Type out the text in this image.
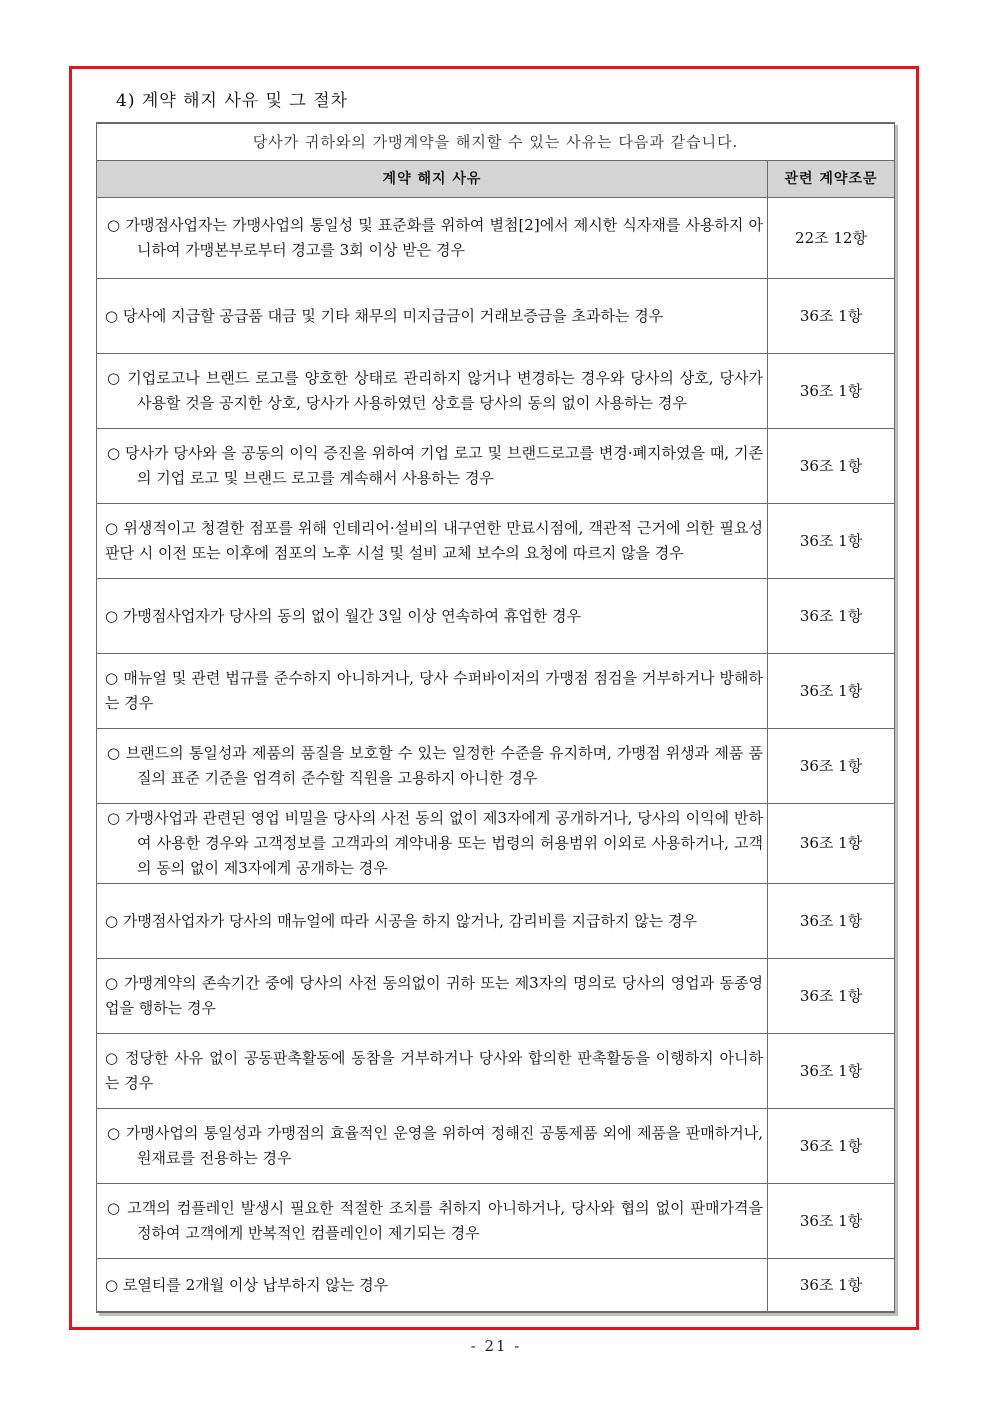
4) 계약 해지 사유 및 그 절차
당사가 귀하와의 가맹계약을 해지할 수 있는 사유는 다음과 같습니다.	
계약 해지 사유	관련 계약조문
○ 가맹점사업자는 가맹사업의 통일성 및 표준화를 위하여 별첨[2]에서 제시한 식자재를 사용하지 아니하여 가맹본부로부터 경고를 3회 이상 받은 경우	22조 12항
○ 당사에 지급할 공급품 대금 및 기타 채무의 미지급금이 거래보증금을 초과하는 경우	36조 1항
○ 기업로고나 브랜드 로고를 양호한 상태로 관리하지 않거나 변경하는 경우와 당사의 상호, 당사가 사용할 것을 공지한 상호, 당사가 사용하였던 상호를 당사의 동의 없이 사용하는 경우	36조 1항
○ 당사가 당사와 을 공동의 이익 증진을 위하여 기업 로고 및 브랜드로고를 변경·폐지하였을 때, 기존의 기업 로고 및 브랜드 로고를 계속해서 사용하는 경우	36조 1항
○ 위생적이고 청결한 점포를 위해 인테리어·설비의 내구연한 만료시점에, 객관적 근거에 의한 필요성 판단 시 이전 또는 이후에 점포의 노후 시설 및 설비 교체 보수의 요청에 따르지 않을 경우	36조 1항
○ 가맹점사업자가 당사의 동의 없이 월간 3일 이상 연속하여 휴업한 경우	36조 1항
○ 매뉴얼 및 관련 법규를 준수하지 아니하거나, 당사 수퍼바이저의 가맹점 점검을 거부하거나 방해하는 경우	36조 1항
○ 브랜드의 통일성과 제품의 품질을 보호할 수 있는 일정한 수준을 유지하며, 가맹점 위생과 제품 품질의 표준 기준을 엄격히 준수할 직원을 고용하지 아니한 경우	36조 1항
○ 가맹사업과 관련된 영업 비밀을 당사의 사전 동의 없이 제3자에게 공개하거나, 당사의 이익에 반하여 사용한 경우와 고객정보를 고객과의 계약내용 또는 법령의 허용범위 이외로 사용하거나, 고객의 동의 없이 제3자에게 공개하는 경우	36조 1항
○ 가맹점사업자가 당사의 매뉴얼에 따라 시공을 하지 않거나, 감리비를 지급하지 않는 경우	36조 1항
○ 가맹계약의 존속기간 중에 당사의 사전 동의없이 귀하 또는 제3자의 명의로 당사의 영업과 동종영업을 행하는 경우	36조 1항
○ 정당한 사유 없이 공동판촉활동에 동참을 거부하거나 당사와 합의한 판촉활동을 이행하지 아니하는 경우	36조 1항
○ 가맹사업의 통일성과 가맹점의 효율적인 운영을 위하여 정해진 공통제품 외에 제품을 판매하거나, 원재료를 전용하는 경우	36조 1항
○ 고객의 컴플레인 발생시 필요한 적절한 조치를 취하지 아니하거나, 당사와 협의 없이 판매가격을 정하여 고객에게 반복적인 컴플레인이 제기되는 경우	36조 1항
○ 로열티를 2개월 이상 납부하지 않는 경우	36조 1항
- 21 -
